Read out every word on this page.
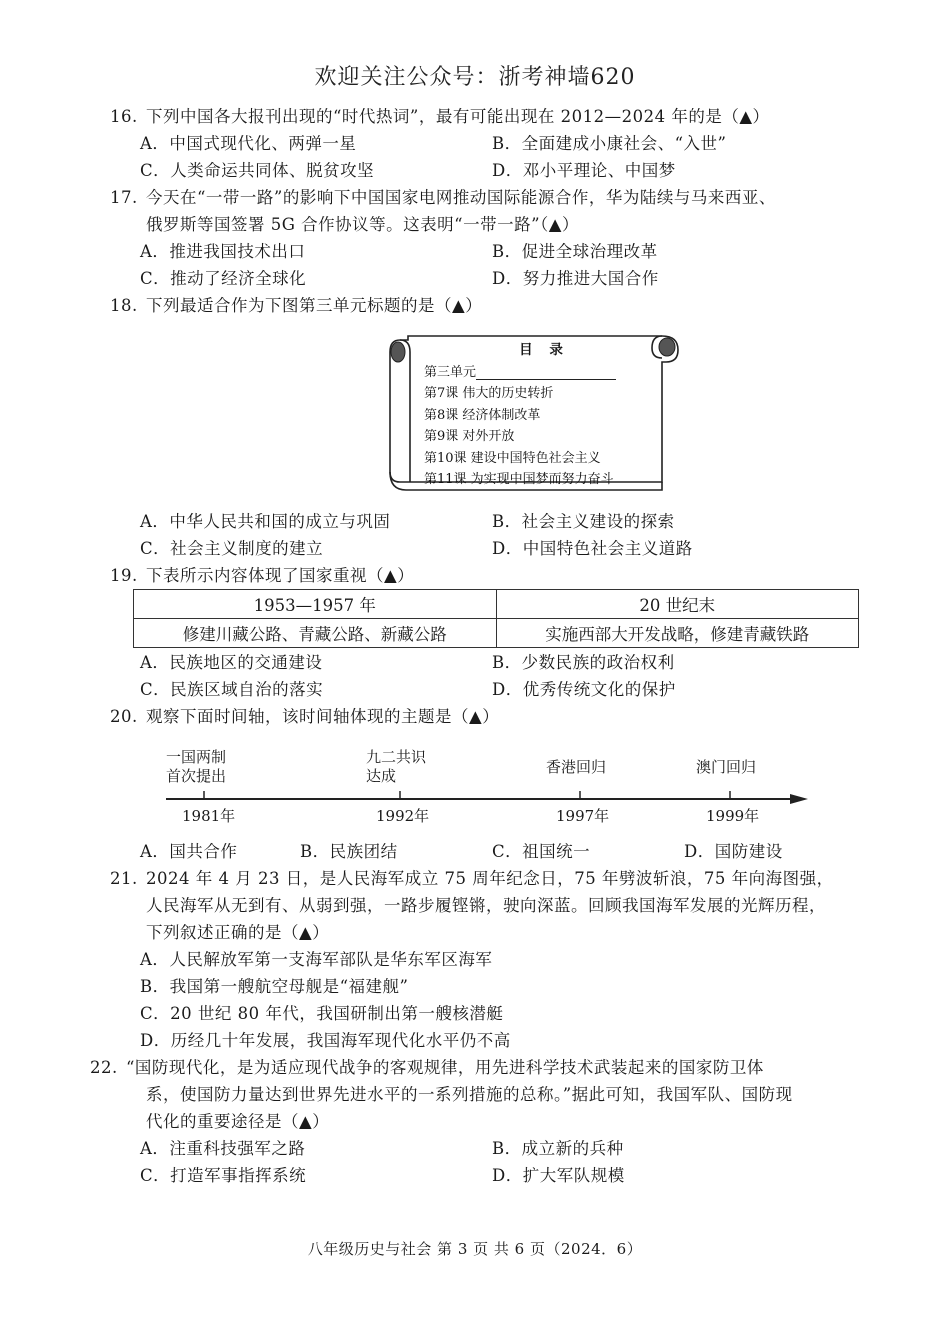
欢迎关注公众号：浙考神墙620
16. 下列中国各大报刊出现的“时代热词”，最有可能出现在 2012—2024 年的是（▲）
A．中国式现代化、两弹一星	B．全面建成小康社会、“入世”
C．人类命运共同体、脱贫攻坚	D．邓小平理论、中国梦
17. 今天在“一带一路”的影响下中国国家电网推动国际能源合作，华为陆续与马来西亚、
俄罗斯等国签署 5G 合作协议等。这表明“一带一路”（▲）
A．推进我国技术出口	B．促进全球治理改革
C．推动了经济全球化	D．努力推进大国合作
18. 下列最适合作为下图第三单元标题的是（▲）
目 录
第三单元
第7课 伟大的历史转折
第8课 经济体制改革
第9课 对外开放
第10课 建设中国特色社会主义
第11课 为实现中国梦而努力奋斗
A．中华人民共和国的成立与巩固	B．社会主义建设的探索
C．社会主义制度的建立	D．中国特色社会主义道路
19. 下表所示内容体现了国家重视（▲）
1953—1957 年	20 世纪末
修建川藏公路、青藏公路、新藏公路	实施西部大开发战略，修建青藏铁路
A．民族地区的交通建设	B．少数民族的政治权利
C．民族区域自治的落实	D．优秀传统文化的保护
20. 观察下面时间轴，该时间轴体现的主题是（▲）
一国两制
首次提出
九二共识
达成	香港回归	澳门回归
1981年	1992年	1997年	1999年
A．国共合作	B．民族团结	C．祖国统一	D．国防建设
21. 2024 年 4 月 23 日，是人民海军成立 75 周年纪念日，75 年劈波斩浪，75 年向海图强，
人民海军从无到有、从弱到强，一路步履铿锵，驶向深蓝。回顾我国海军发展的光辉历程，
下列叙述正确的是（▲）
A．人民解放军第一支海军部队是华东军区海军
B．我国第一艘航空母舰是“福建舰”
C．20 世纪 80 年代，我国研制出第一艘核潜艇
D．历经几十年发展，我国海军现代化水平仍不高
22. “国防现代化，是为适应现代战争的客观规律，用先进科学技术武装起来的国家防卫体
系，使国防力量达到世界先进水平的一系列措施的总称。”据此可知，我国军队、国防现
代化的重要途径是（▲）
A．注重科技强军之路	B．成立新的兵种
C．打造军事指挥系统	D．扩大军队规模
八年级历史与社会 第 3 页 共 6 页（2024．6）
